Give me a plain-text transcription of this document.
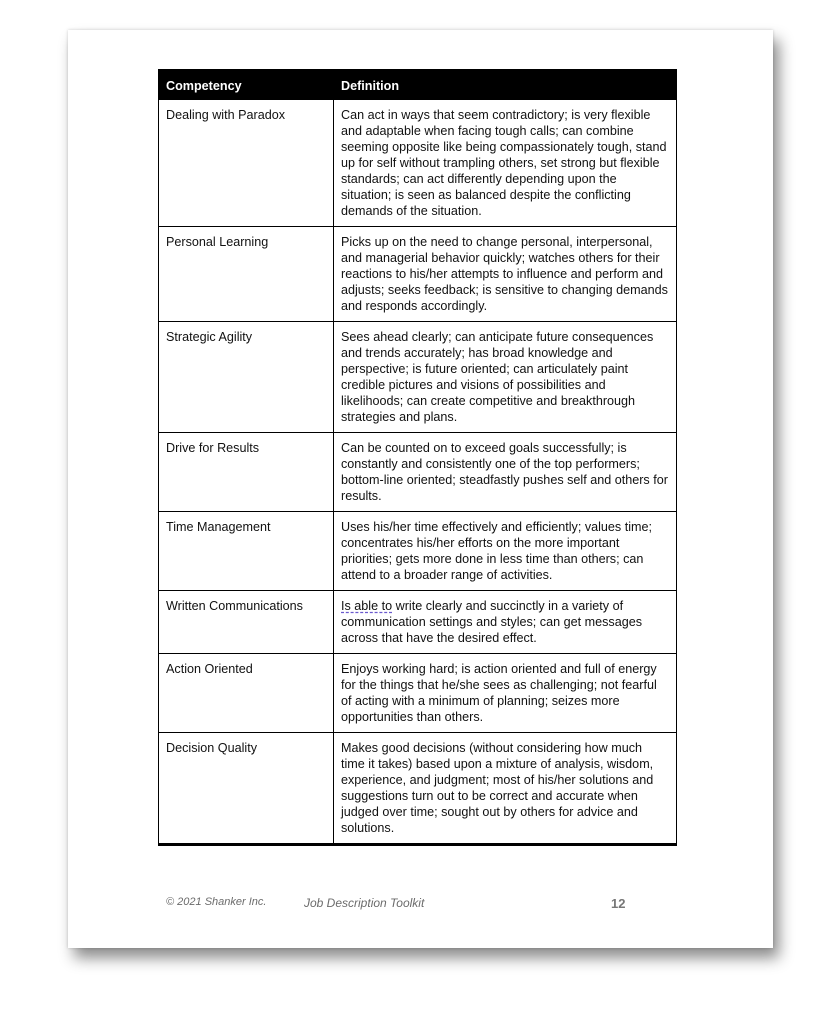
Competency	Definition
Dealing with Paradox	Can act in ways that seem contradictory; is very flexible and adaptable when facing tough calls; can combine seeming opposite like being compassionately tough, stand up for self without trampling others, set strong but flexible standards; can act differently depending upon the situation; is seen as balanced despite the conflicting demands of the situation.
Personal Learning	Picks up on the need to change personal, interpersonal, and managerial behavior quickly; watches others for their reactions to his/her attempts to influence and perform and adjusts; seeks feedback; is sensitive to changing demands and responds accordingly.
Strategic Agility	Sees ahead clearly; can anticipate future consequences and trends accurately; has broad knowledge and perspective; is future oriented; can articulately paint credible pictures and visions of possibilities and likelihoods; can create competitive and breakthrough strategies and plans.
Drive for Results	Can be counted on to exceed goals successfully; is constantly and consistently one of the top performers; bottom-line oriented; steadfastly pushes self and others for results.
Time Management	Uses his/her time effectively and efficiently; values time; concentrates his/her efforts on the more important priorities; gets more done in less time than others; can attend to a broader range of activities.
Written Communications	Is able to write clearly and succinctly in a variety of communication settings and styles; can get messages across that have the desired effect.
Action Oriented	Enjoys working hard; is action oriented and full of energy for the things that he/she sees as challenging; not fearful of acting with a minimum of planning; seizes more opportunities than others.
Decision Quality	Makes good decisions (without considering how much time it takes) based upon a mixture of analysis, wisdom, experience, and judgment; most of his/her solutions and suggestions turn out to be correct and accurate when judged over time; sought out by others for advice and solutions.
© 2021 Shanker Inc.	Job Description Toolkit	12
